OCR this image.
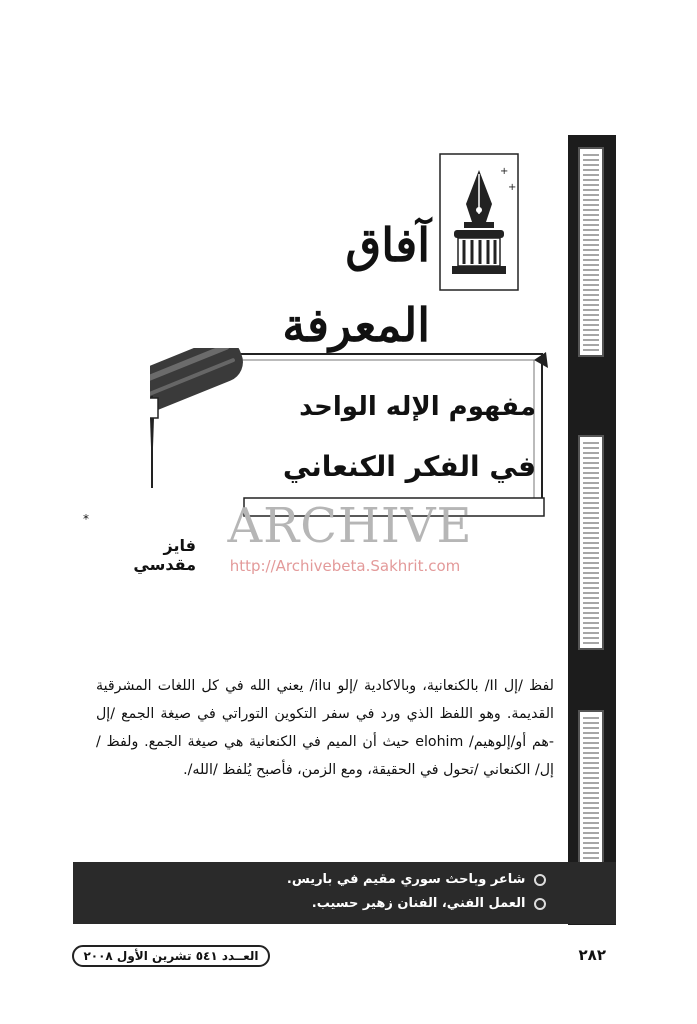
+
+
آفاق المعرفة
مفهوم الإله الواحد
في الفكر الكنعاني
ARCHIVE
http://Archivebeta.Sakhrit.com
*
فايز مقدسي
لفظ /إل Il/ بالكنعانية، وبالاكادية /إلو ilu/ يعني الله في كل اللغات المشرقية القديمة. وهو اللفظ الذي ورد في سفر التكوين التوراتي في صيغة الجمع /إل -هم أو/إلوهيم/ elohim حيث أن الميم في الكنعانية هي صيغة الجمع. ولفظ /إل/ الكنعاني /تحول في الحقيقة، ومع الزمن، فأصبح يُلفظ /الله/.
شاعر وباحث سوري مقيم في باريس.
العمل الفني، الفنان زهير حسيب.
العــدد ٥٤١ تشرين الأول ٢٠٠٨	٢٨٢
